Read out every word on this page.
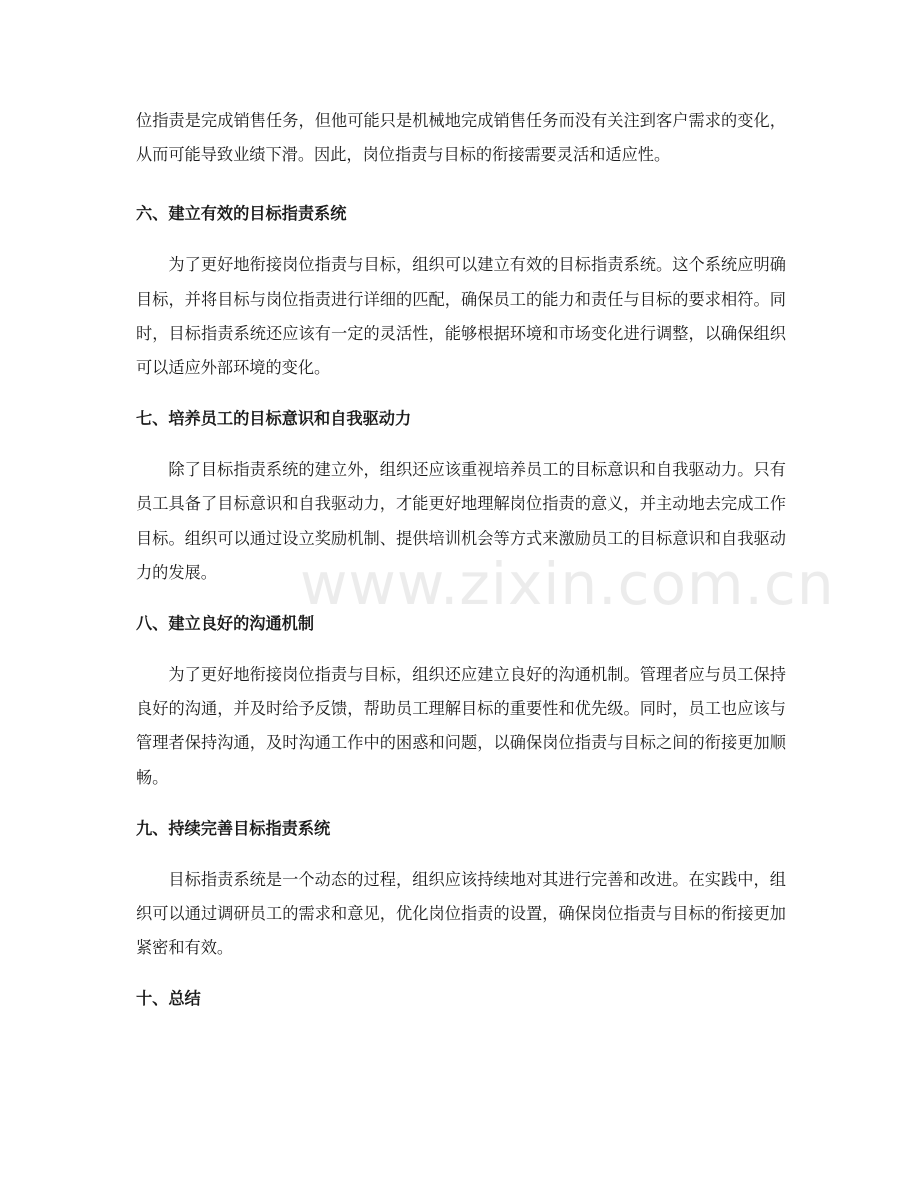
位指责是完成销售任务，但他可能只是机械地完成销售任务而没有关注到客户需求的变化，从而可能导致业绩下滑。因此，岗位指责与目标的衔接需要灵活和适应性。

六、建立有效的目标指责系统

为了更好地衔接岗位指责与目标，组织可以建立有效的目标指责系统。这个系统应明确目标，并将目标与岗位指责进行详细的匹配，确保员工的能力和责任与目标的要求相符。同时，目标指责系统还应该有一定的灵活性，能够根据环境和市场变化进行调整，以确保组织可以适应外部环境的变化。

七、培养员工的目标意识和自我驱动力

除了目标指责系统的建立外，组织还应该重视培养员工的目标意识和自我驱动力。只有员工具备了目标意识和自我驱动力，才能更好地理解岗位指责的意义，并主动地去完成工作目标。组织可以通过设立奖励机制、提供培训机会等方式来激励员工的目标意识和自我驱动力的发展。

八、建立良好的沟通机制

为了更好地衔接岗位指责与目标，组织还应建立良好的沟通机制。管理者应与员工保持良好的沟通，并及时给予反馈，帮助员工理解目标的重要性和优先级。同时，员工也应该与管理者保持沟通，及时沟通工作中的困惑和问题，以确保岗位指责与目标之间的衔接更加顺畅。

九、持续完善目标指责系统

目标指责系统是一个动态的过程，组织应该持续地对其进行完善和改进。在实践中，组织可以通过调研员工的需求和意见，优化岗位指责的设置，确保岗位指责与目标的衔接更加紧密和有效。

十、总结
www.zixin.com.cn
